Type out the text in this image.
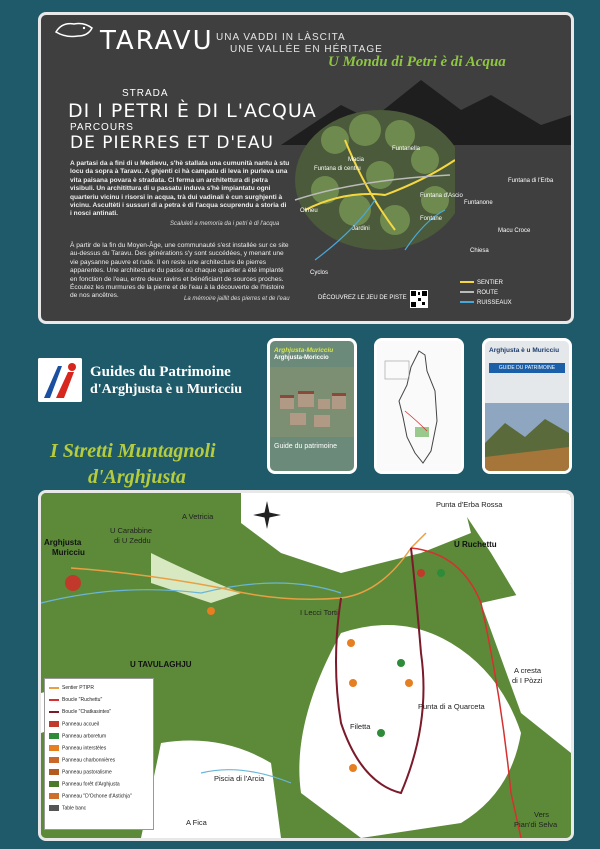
TARAVU UNA VADDI IN LÀSCITA
UNE VALLÉE EN HÉRITAGE
U Mondu di Petri è di Acqua
STRADA
DI I PETRI È DI L'ACQUA
PARCOURS
DE PIERRES ET D'EAU
A partasi da a fini di u Medievu, s'hè stallata una cumunità nantu à stu locu da sopra à Taravu. A ghjenti ci hà campatu di leva in purleva una vita paisana povara è stradata. Ci ferma un architettura di petra visibuli. Un architittura di u passatu induva s'hè impiantatu ogni quarteriu vicinu i risorsi in acqua, trà dui vadinali è cun surghjenti à vicinu. Ascultèti i sussuri di a petra è di l'acqua scuprendu a storia di i nosci antinati.
Scaluleti a memoria da i petri è di l'acqua
À partir de la fin du Moyen-Âge, une communauté s'est installée sur ce site au-dessus du Taravu. Des générations s'y sont succédées, y menant une vie paysanne pauvre et rude. Il en reste une architecture de pierres apparentes. Une architecture du passé où chaque quartier a été implanté en fonction de l'eau, entre deux ravins et bénéficiant de sources proches. Écoutez les murmures de la pierre et de l'eau à la découverte de l'histoire de nos ancêtres.	La mémoire jaillit des pierres et de l'eau
Funtanella
Macia
Funtana di l'Erba
Funtana di centru
Funtanone
Funtana d'Ascio
Olmeu
Jardini
Fontane
Macu Croce
Cyclos
Chiesa
SENTIER
ROUTE
RUISSEAUX
DÉCOUVREZ LE JEU DE PISTE
Guides du Patrimoine
d'Arghjusta è u Muricciu
Arghjusta-Muricciu
Arghjusta-Moriccio
Guide du patrimoine
Arghjusta è u Muricciu
GUIDE DU PATRIMOINE
I Stretti Muntagnoli
d'Arghjusta
Arghjusta
Muricciu
U Carabbine
di U Zeddu
A Vetricia
Punta d'Erba Rossa
U Ruchettu
I Lecci Torti
U TAVULAGHJU
A cresta
di I Pòzzi
Punta di a Quarceta
Filetta
Piscia di l'Arcia
A Fica
Vers
Pian'di Selva
Sentier PTIPR
Boucle "Ruchettu"
Boucle "Chatkasintes"
Panneau accueil
Panneau arboretum
Panneau interstèles
Panneau charbonnières
Panneau pastoralisme
Panneau forêt d'Arghjusta
Panneau "D'Ochone d'Astichja"
Table banc
